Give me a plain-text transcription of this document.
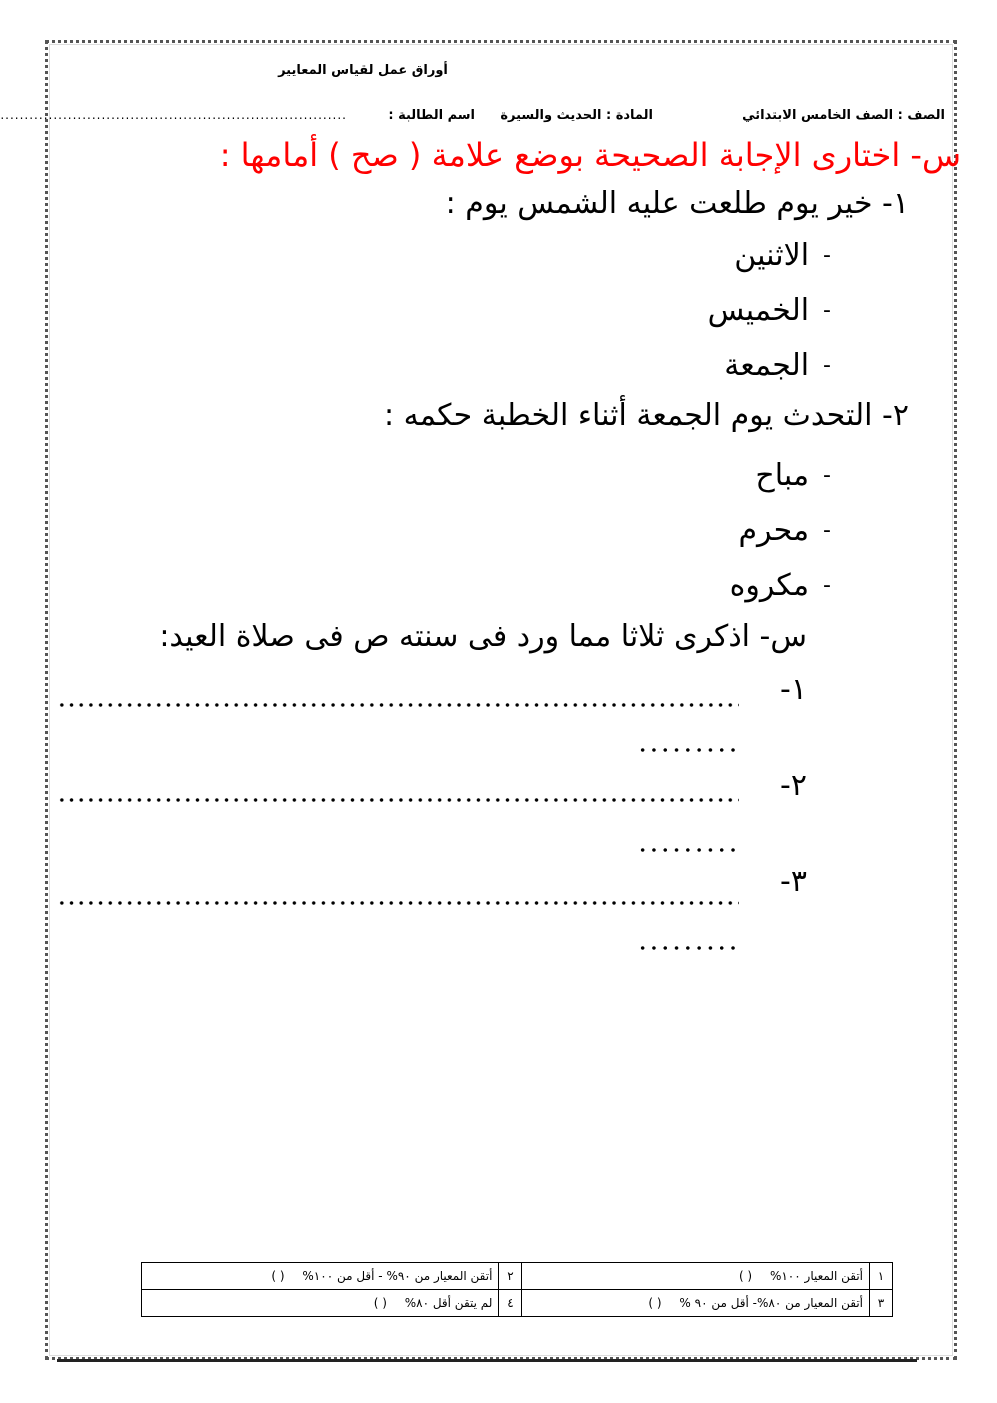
أوراق عمل لقياس المعايير
الصف : الصف الخامس الابتدائي
المادة : الحديث والسيرة
اسم الطالبة :
........................................................................
س- اختارى الإجابة الصحيحة بوضع علامة ( صح ) أمامها :
١- خير يوم طلعت عليه الشمس يوم :
-
الاثنين
-
الخميس
-
الجمعة
٢- التحدث يوم الجمعة أثناء الخطبة حكمه :
-
مباح
-
محرم
-
مكروه
س- اذكرى ثلاثا مما ورد فى سنته ص فى صلاة العيد:
١-
٢-
٣-
١	أتقن المعيار ١٠٠% ( )	٢	أتقن المعيار من ٩٠% - أقل من ١٠٠% ( )
٣	أتقن المعيار من ٨٠%- أقل من ٩٠ % ( )	٤	لم يتقن أقل ٨٠% ( )
